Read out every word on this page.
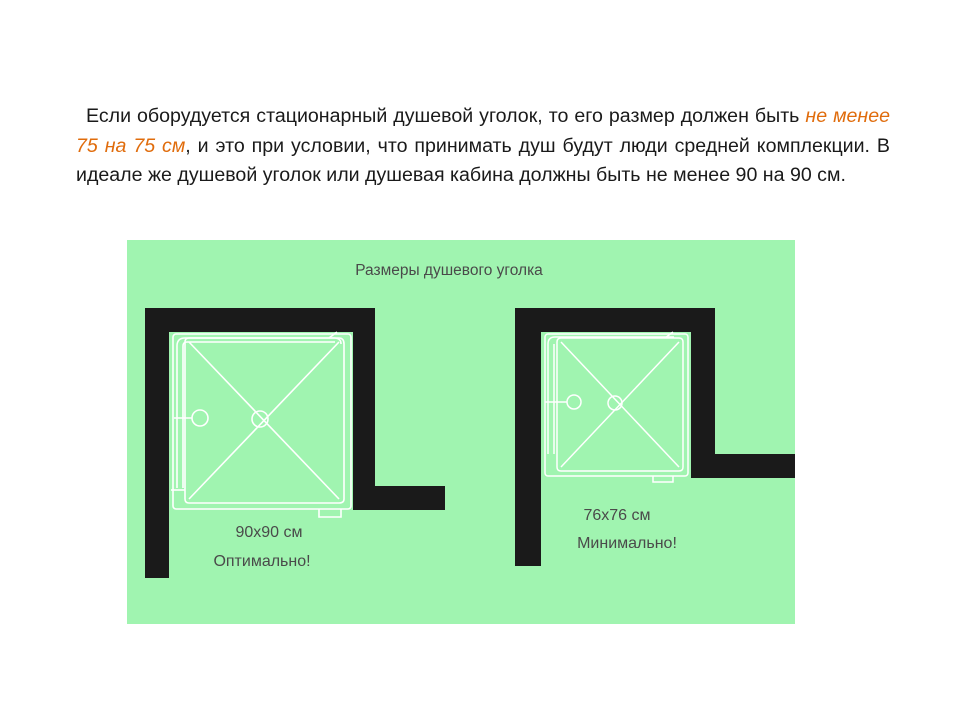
Если оборудуется стационарный душевой уголок, то его размер должен быть не менее 75 на 75 см, и это при условии, что принимать душ будут люди средней комплекции. В идеале же душевой уголок или душевая кабина должны быть не менее 90 на 90 см.

Размеры душевого уголка
90x90 см
Оптимально!
76x76 см
Минимально!
